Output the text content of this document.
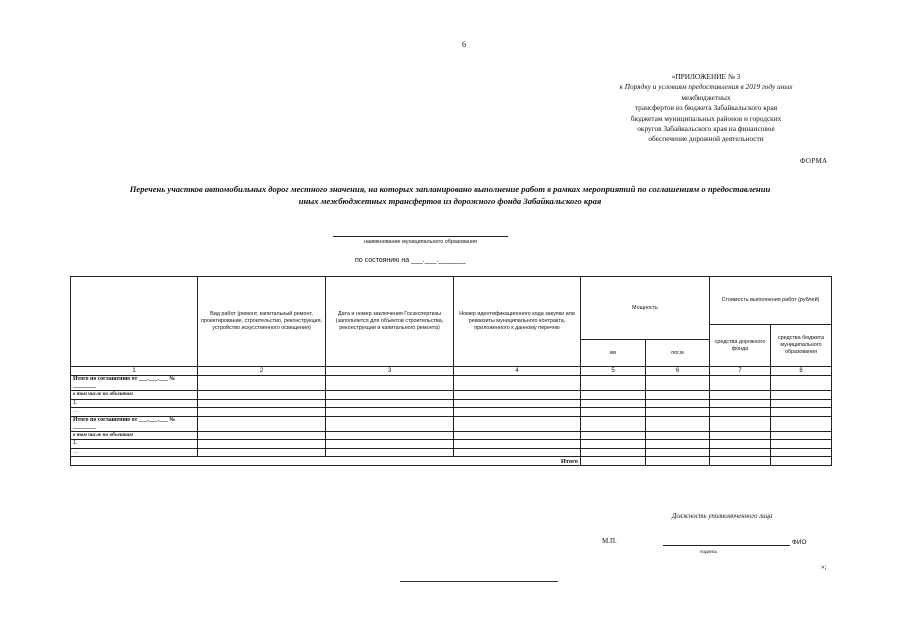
6
«ПРИЛОЖЕНИЕ № 3
к Порядку и условиям предоставления в 2019 году иных
межбюджетных
трансфертов из бюджета Забайкальского края
бюджетам муниципальных районов и городских
округов Забайкальского края на финансовое
обеспечение дорожной деятельности
ФОРМА
Перечень участков автомобильных дорог местного значения, на которых запланировано выполнение работ в рамках мероприятий по соглашениям о предоставлении
иных межбюджетных трансфертов из дорожного фонда Забайкальского края
наименование муниципального образования
по состоянию на ___.___._______
	Вид работ (ремонт, капитальный ремонт, проектирование, строительство, реконструкция, устройство искусственного освещения)	Дата и номер заключения Госэкспертизы (заполняется для объектов строительства, реконструкции и капитального ремонта)	Номер идентификационного кода закупки или реквизиты муниципального контракта, приложенного к данному перечню	Мощность		Стоимость выполнения работ (рублей)	
						средства дорожного фонда	средства бюджета муниципального образования
				км	пог.м		
1	2	3	4	5	6	7	8
Итого по соглашению от ___.___.___ № ________							
в том числе по объектам							
1.							
…							
Итого по соглашению от ___.___.___ № ________							
в том числе по объектам							
1.							
…							
Итого							
Должность уполномоченного лица
М.П.	ФИО
подпись
»;
